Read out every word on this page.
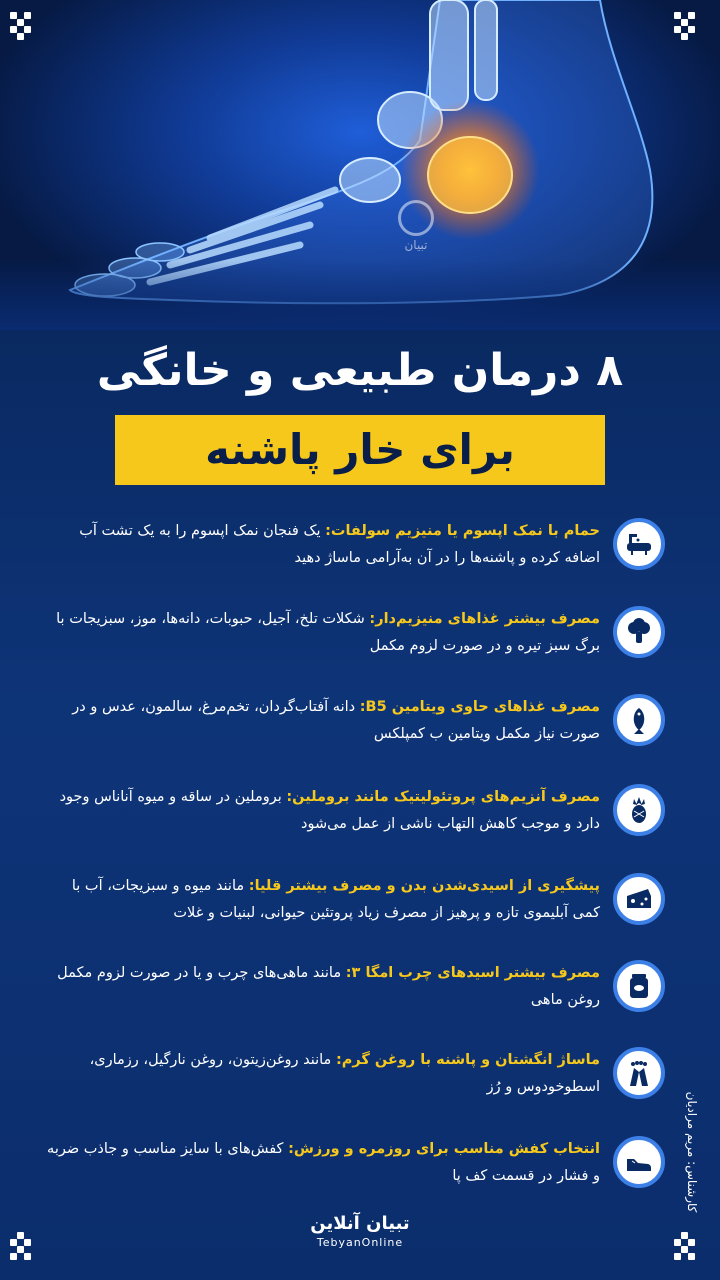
تبیان
۸ درمان طبیعی و خانگی
برای خار پاشنه
حمام با نمک اپسوم یا منیزیم سولفات: یک فنجان نمک اپسوم را به یک تشت آب اضافه کرده و پاشنه‌ها را در آن به‌آرامی ماساژ دهید
مصرف بیشتر غذاهای منیزیم‌دار: شکلات تلخ، آجیل، حبوبات، دانه‌ها، موز، سبزیجات با برگ سبز تیره و در صورت لزوم مکمل
مصرف غذاهای حاوی ویتامین B5: دانه آفتاب‌گردان، تخم‌مرغ، سالمون، عدس و در صورت نیاز مکمل ویتامین ب کمپلکس
مصرف آنزیم‌های پروتئولیتیک مانند بروملین: بروملین در ساقه و میوه آناناس وجود دارد و موجب کاهش التهاب ناشی از عمل می‌شود
پیشگیری از اسیدی‌شدن بدن و مصرف بیشتر قلیا: مانند میوه و سبزیجات، آب با کمی آبلیموی تازه و پرهیز از مصرف زیاد پروتئین حیوانی، لبنیات و غلات
مصرف بیشتر اسیدهای چرب امگا ۳: مانند ماهی‌های چرب و یا در صورت لزوم مکمل روغن ماهی
ماساژ انگشتان و پاشنه با روغن گرم: مانند روغن‌زیتون، روغن نارگیل، رزماری، اسطوخودوس و رُز
انتخاب کفش مناسب برای روزمره و ورزش: کفش‌های با سایز مناسب و جاذب ضربه و فشار در قسمت کف پا	کارشناس: مریم مرادیان
تبیان آنلاین
TebyanOnline
